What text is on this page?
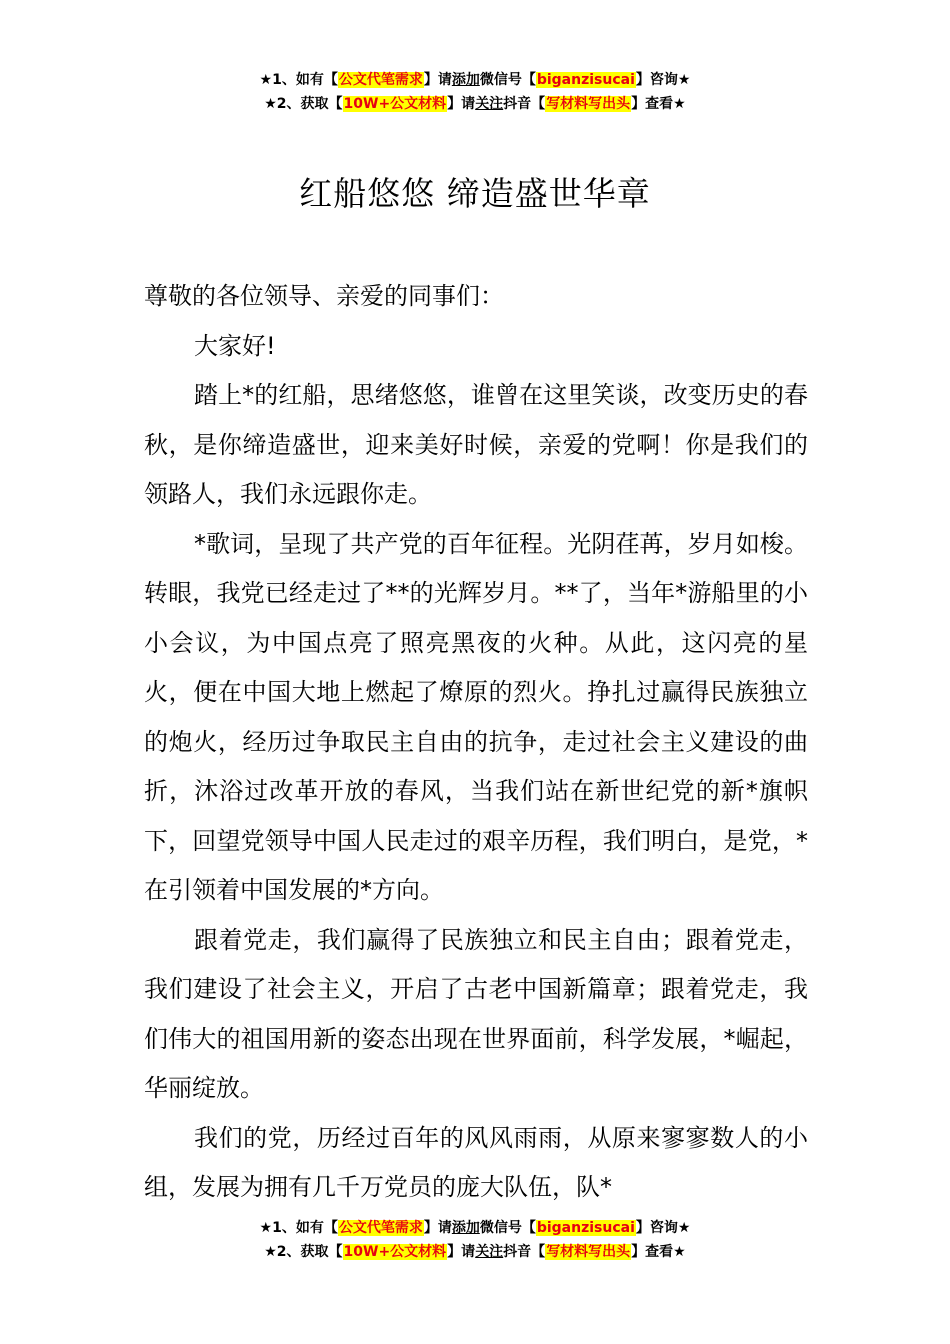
★1、如有【公文代笔需求】请添加微信号【biganzisucai】咨询★
★2、获取【10W+公文材料】请关注抖音【写材料写出头】查看★
红船悠悠 缔造盛世华章

尊敬的各位领导、亲爱的同事们：

大家好!

踏上*的红船，思绪悠悠，谁曾在这里笑谈，改变历史的春秋，是你缔造盛世，迎来美好时候，亲爱的党啊！你是我们的领路人，我们永远跟你走。

*歌词，呈现了共产党的百年征程。光阴荏苒，岁月如梭。转眼，我党已经走过了**的光辉岁月。**了，当年*游船里的小小会议，为中国点亮了照亮黑夜的火种。从此，这闪亮的星火，便在中国大地上燃起了燎原的烈火。挣扎过赢得民族独立的炮火，经历过争取民主自由的抗争，走过社会主义建设的曲折，沐浴过改革开放的春风，当我们站在新世纪党的新*旗帜下，回望党领导中国人民走过的艰辛历程，我们明白，是党，*在引领着中国发展的*方向。

跟着党走，我们赢得了民族独立和民主自由；跟着党走，我们建设了社会主义，开启了古老中国新篇章；跟着党走，我们伟大的祖国用新的姿态出现在世界面前，科学发展，*崛起，华丽绽放。

我们的党，历经过百年的风风雨雨，从原来寥寥数人的小组，发展为拥有几千万党员的庞大队伍，队*

★1、如有【公文代笔需求】请添加微信号【biganzisucai】咨询★
★2、获取【10W+公文材料】请关注抖音【写材料写出头】查看★
